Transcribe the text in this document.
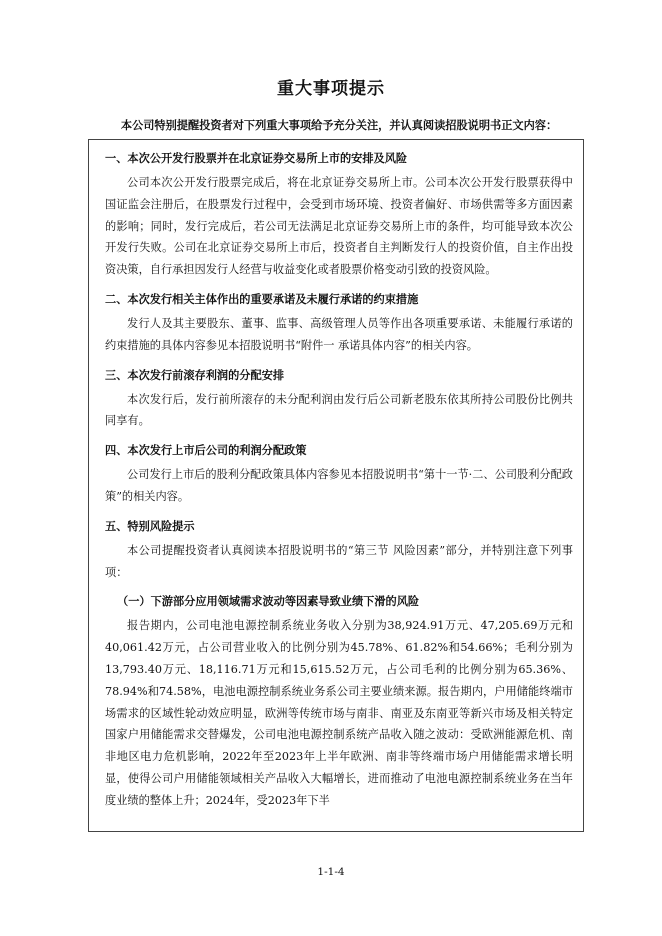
重大事项提示
本公司特别提醒投资者对下列重大事项给予充分关注，并认真阅读招股说明书正文内容：
一、本次公开发行股票并在北京证券交易所上市的安排及风险

公司本次公开发行股票完成后，将在北京证券交易所上市。公司本次公开发行股票获得中国证监会注册后，在股票发行过程中，会受到市场环境、投资者偏好、市场供需等多方面因素的影响；同时，发行完成后，若公司无法满足北京证券交易所上市的条件，均可能导致本次公开发行失败。公司在北京证券交易所上市后，投资者自主判断发行人的投资价值，自主作出投资决策，自行承担因发行人经营与收益变化或者股票价格变动引致的投资风险。

二、本次发行相关主体作出的重要承诺及未履行承诺的约束措施

发行人及其主要股东、董事、监事、高级管理人员等作出各项重要承诺、未能履行承诺的约束措施的具体内容参见本招股说明书“附件一 承诺具体内容”的相关内容。

三、本次发行前滚存利润的分配安排

本次发行后，发行前所滚存的未分配利润由发行后公司新老股东依其所持公司股份比例共同享有。

四、本次发行上市后公司的利润分配政策

公司发行上市后的股利分配政策具体内容参见本招股说明书“第十一节·二、公司股利分配政策”的相关内容。

五、特别风险提示

本公司提醒投资者认真阅读本招股说明书的“第三节 风险因素”部分，并特别注意下列事项：

（一）下游部分应用领域需求波动等因素导致业绩下滑的风险

报告期内，公司电池电源控制系统业务收入分别为38,924.91万元、47,205.69万元和40,061.42万元，占公司营业收入的比例分别为45.78%、61.82%和54.66%；毛利分别为13,793.40万元、18,116.71万元和15,615.52万元，占公司毛利的比例分别为65.36%、78.94%和74.58%，电池电源控制系统业务系公司主要业绩来源。报告期内，户用储能终端市场需求的区域性轮动效应明显，欧洲等传统市场与南非、南亚及东南亚等新兴市场及相关特定国家户用储能需求交替爆发，公司电池电源控制系统产品收入随之波动：受欧洲能源危机、南非地区电力危机影响，2022年至2023年上半年欧洲、南非等终端市场户用储能需求增长明显，使得公司户用储能领域相关产品收入大幅增长，进而推动了电池电源控制系统业务在当年度业绩的整体上升；2024年，受2023年下半

1-1-4
